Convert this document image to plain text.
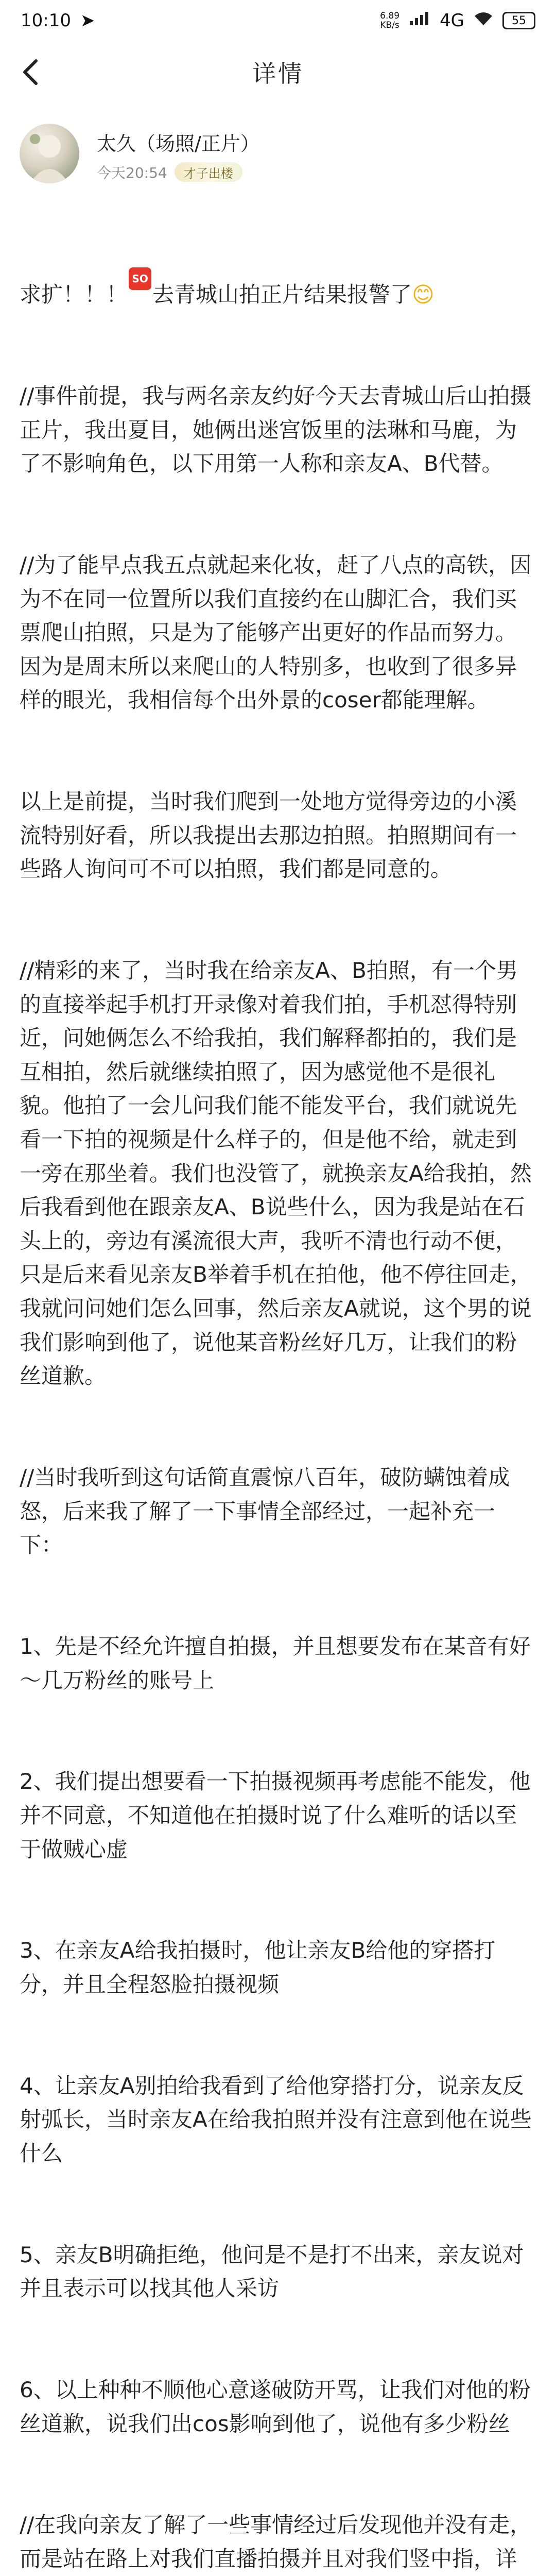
10:10 ➤	6.89
KB/s 4G	55
详情
太久（场照/正片）
今天20:54	才子出楼

求扩！！！SOS 去青城山拍正片结果报警了😊

//事件前提，我与两名亲友约好今天去青城山后山拍摄正片，我出夏目，她俩出迷宫饭里的法琳和马鹿，为了不影响角色，以下用第一人称和亲友A、B代替。

//为了能早点我五点就起来化妆，赶了八点的高铁，因为不在同一位置所以我们直接约在山脚汇合，我们买票爬山拍照，只是为了能够产出更好的作品而努力。因为是周末所以来爬山的人特别多，也收到了很多异样的眼光，我相信每个出外景的coser都能理解。

以上是前提，当时我们爬到一处地方觉得旁边的小溪流特别好看，所以我提出去那边拍照。拍照期间有一些路人询问可不可以拍照，我们都是同意的。

//精彩的来了，当时我在给亲友A、B拍照，有一个男的直接举起手机打开录像对着我们拍，手机怼得特别近，问她俩怎么不给我拍，我们解释都拍的，我们是互相拍，然后就继续拍照了，因为感觉他不是很礼貌。他拍了一会儿问我们能不能发平台，我们就说先看一下拍的视频是什么样子的，但是他不给，就走到一旁在那坐着。我们也没管了，就换亲友A给我拍，然后我看到他在跟亲友A、B说些什么，因为我是站在石头上的，旁边有溪流很大声，我听不清也行动不便，只是后来看见亲友B举着手机在拍他，他不停往回走，我就问问她们怎么回事，然后亲友A就说，这个男的说我们影响到他了，说他某音粉丝好几万，让我们的粉丝道歉。

//当时我听到这句话简直震惊八百年，破防螨蚀着成怒，后来我了解了一下事情全部经过，一起补充一下：

1、先是不经允许擅自拍摄，并且想要发布在某音有好～几万粉丝的账号上

2、我们提出想要看一下拍摄视频再考虑能不能发，他并不同意，不知道他在拍摄时说了什么难听的话以至于做贼心虚

3、在亲友A给我拍摄时，他让亲友B给他的穿搭打分，并且全程怒脸拍摄视频

4、让亲友A别拍给我看到了给他穿搭打分，说亲友反射弧长，当时亲友A在给我拍照并没有注意到他在说些什么

5、亲友B明确拒绝，他问是不是打不出来，亲友说对并且表示可以找其他人采访

6、以上种种不顺他心意遂破防开骂，让我们对他的粉丝道歉，说我们出cos影响到他了，说他有多少粉丝

//在我向亲友了解了一些事情经过后发现他并没有走，而是站在路上对我们直播拍摄并且对我们竖中指，详
